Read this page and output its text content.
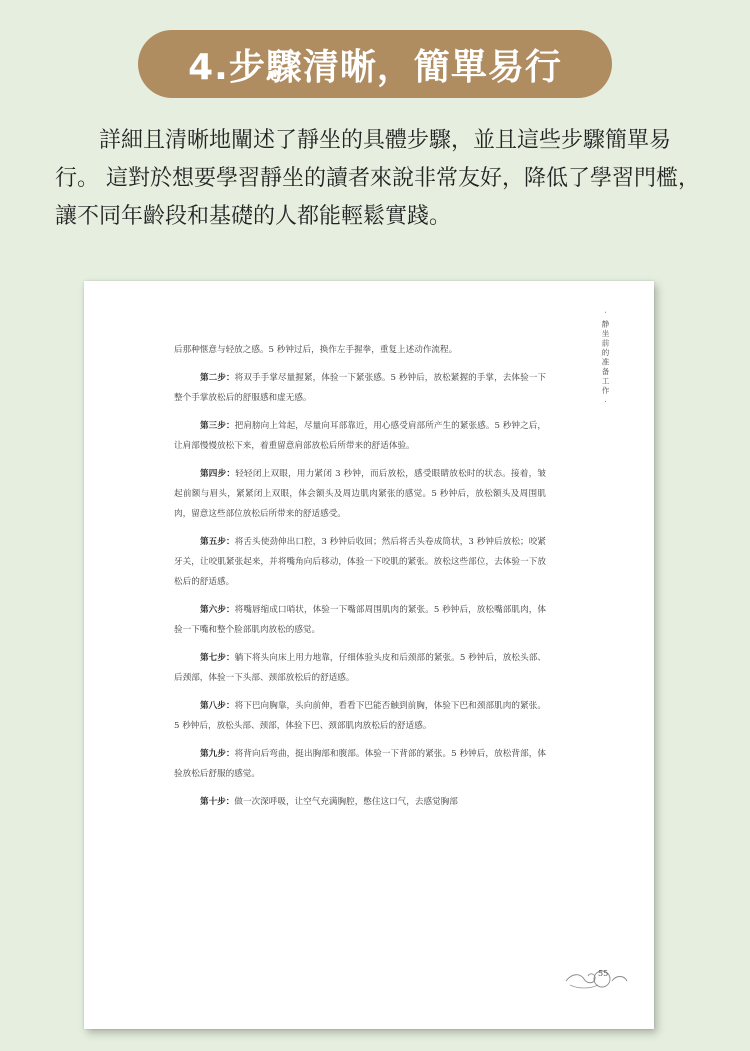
4.步驟清晰，簡單易行

詳細且清晰地闡述了靜坐的具體步驟，並且這些步驟簡單易行。 這對於想要學習靜坐的讀者來說非常友好，降低了學習門檻，讓不同年齡段和基礎的人都能輕鬆實踐。

· 静坐前的准备工作 ·

后那种惬意与轻放之感。5 秒钟过后，换作左手握拳，重复上述动作流程。

第二步：将双手手掌尽量握紧，体验一下紧张感。5 秒钟后，放松紧握的手掌，去体验一下整个手掌放松后的舒服感和虚无感。

第三步：把肩膀向上耸起，尽量向耳部靠近，用心感受肩部所产生的紧张感。5 秒钟之后，让肩部慢慢放松下来，着重留意肩部放松后所带来的舒适体验。

第四步：轻轻闭上双眼，用力紧闭 3 秒钟，而后放松，感受眼睛放松时的状态。接着，皱起前额与眉头，紧紧闭上双眼，体会额头及周边肌肉紧张的感觉。5 秒钟后，放松额头及周围肌肉，留意这些部位放松后所带来的舒适感受。

第五步：将舌头使劲伸出口腔，3 秒钟后收回；然后将舌头卷成筒状，3 秒钟后放松；咬紧牙关，让咬肌紧张起来，并将嘴角向后移动，体验一下咬肌的紧张。放松这些部位，去体验一下放松后的舒适感。

第六步：将嘴唇缩成口哨状，体验一下嘴部周围肌肉的紧张。5 秒钟后，放松嘴部肌肉，体验一下嘴和整个脸部肌肉放松的感觉。

第七步：躺下将头向床上用力地靠，仔细体验头皮和后颈部的紧张。5 秒钟后，放松头部、后颈部，体验一下头部、颈部放松后的舒适感。

第八步：将下巴向胸靠，头向前伸，看看下巴能否触到前胸，体验下巴和颈部肌肉的紧张。5 秒钟后，放松头部、颈部，体验下巴、颈部肌肉放松后的舒适感。

第九步：将背向后弯曲，挺出胸部和腹部。体验一下背部的紧张。5 秒钟后，放松背部，体验放松后舒服的感觉。

第十步：做一次深呼吸，让空气充满胸腔，憋住这口气，去感觉胸部

55
